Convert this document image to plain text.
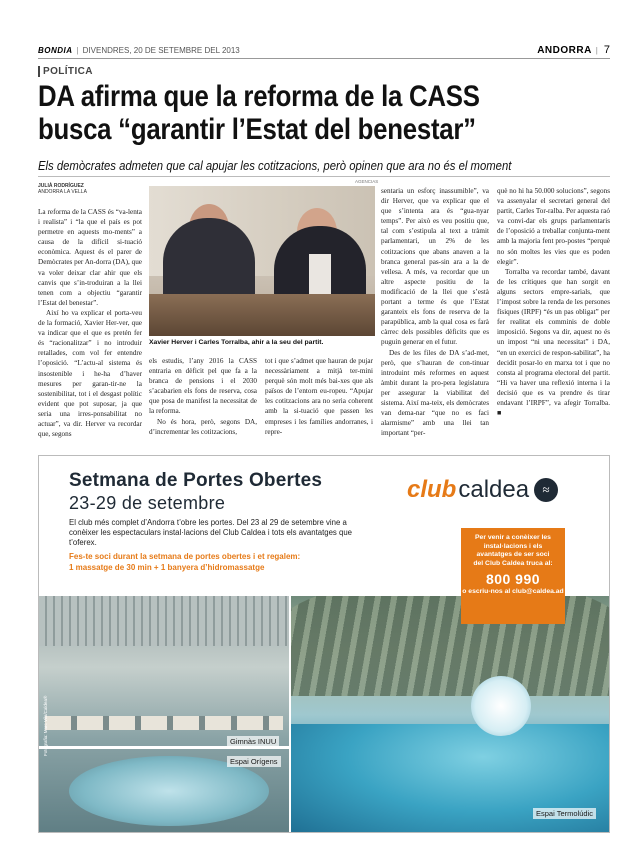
BONDIA | DIVENDRES, 20 DE SETEMBRE DEL 2013	ANDORRA | 7
POLÍTICA
DA afirma que la reforma de la CASS
busca “garantir l’Estat del benestar”
Els demòcrates admeten que cal apujar les cotitzacions, però opinen que ara no és el moment
JULIÀ RODRÍGUEZ
ANDORRA LA VELLA
AGENCIAS

La reforma de la CASS és “va-lenta i realista” i “la que el país es pot permetre en aquests mo-ments” a causa de la difícil si-tuació econòmica. Aquest és el parer de Demòcrates per An-dorra (DA), que va voler deixar clar ahir que els canvis que s’in-troduiran a la llei tenen com a objectiu “garantir l’Estat del benestar”.

Així ho va explicar el porta-veu de la formació, Xavier Her-ver, que va indicar que el que es pretén fer és “racionalitzar” i no introduir retallades, com vol fer entendre l’oposició. “L’actu-al sistema és insostenible i he-ha d’haver mesures per garan-tir-ne la sostenibilitat, tot i el desgast polític evident que pot suposar, ja que seria una irres-ponsabilitat no actuar”, va dir. Herver va recordar que, segons

Xavier Herver i Carles Torralba, ahir a la seu del partit.

els estudis, l’any 2016 la CASS entraria en dèficit pel que fa a la branca de pensions i el 2030 s’acabarien els fons de reserva, cosa que posa de manifest la necessitat de la reforma.

No és hora, però, segons DA, d’incrementar les cotitzacions,

tot i que s’admet que hauran de pujar necessàriament a mitjà ter-mini perquè són molt més bai-xes que als països de l’entorn eu-ropeu. “Apujar les cotitzacions ara no seria coherent amb la si-tuació que passen les empreses i les famílies andorranes, i repre-

sentaria un esforç inassumible”, va dir Herver, que va explicar que el que s’intenta ara és “gua-nyar temps”. Per això es veu positiu que, tal com s’estipula al text a tràmit parlamentari, un 2% de les cotitzacions que abans anaven a la branca general pas-sin ara a la de vellesa. A més, va recordar que un altre aspecte positiu de la modificació de la llei que s’està portant a terme és que l’Estat garanteix els fons de reserva de la parapública, amb la qual cosa es farà càrrec dels possibles dèficits que es puguin generar en el futur.

Des de les files de DA s’ad-met, però, que s’hauran de con-tinuar introduint més reformes en aquest àmbit durant la pro-pera legislatura per assegurar la viabilitat del sistema. Així ma-teix, els demòcrates van dema-nar “que no es faci alarmisme” amb una llei tan important “per-

què no hi ha 50.000 solucions”, segons va assenyalar el secretari general del partit, Carles Tor-ralba. Per aquesta raó va convi-dar els grups parlamentaris de l’oposició a treballar conjunta-ment amb la majoria fent pro-postes “perquè no són moltes les vies que es poden elegir”.

Torralba va recordar també, davant de les crítiques que han sorgit en alguns sectors empre-sarials, que l’impost sobre la renda de les persones físiques (IRPF) “és un pas obligat” per fer realitat els comminis de doble imposició. Segons va dir, aquest no és un impost “ni una necessitat” i DA, “en un exercici de respon-sabilitat”, ha decidit posar-lo en marxa tot i que no consta al programa electoral del partit. “Hi va haver una reflexió interna i la decisió que es va prendre és tirar endavant l’IRPF”, va afegir Torralba. ■

Setmana de Portes Obertes
23-29 de setembre
El club més complet d’Andorra t’obre les portes. Del 23 al 29 de setembre vine a conèixer les espectaculars instal·lacions del Club Caldea i tots els avantatges que t’oferex.
Fes-te soci durant la setmana de portes obertes i et regalem:
1 massatge de 30 min + 1 banyera d’hidromassatge
club caldea	≈
Per venir a conèixer les instal·lacions i els avantatges de ser soci del Club Caldea truca al:
800 990
o escriu-nos al club@caldea.ad
Gimnàs INUU
Espai Orígens
Espai Termolúdic
Fotografia: Marc Vila/Caldea®
